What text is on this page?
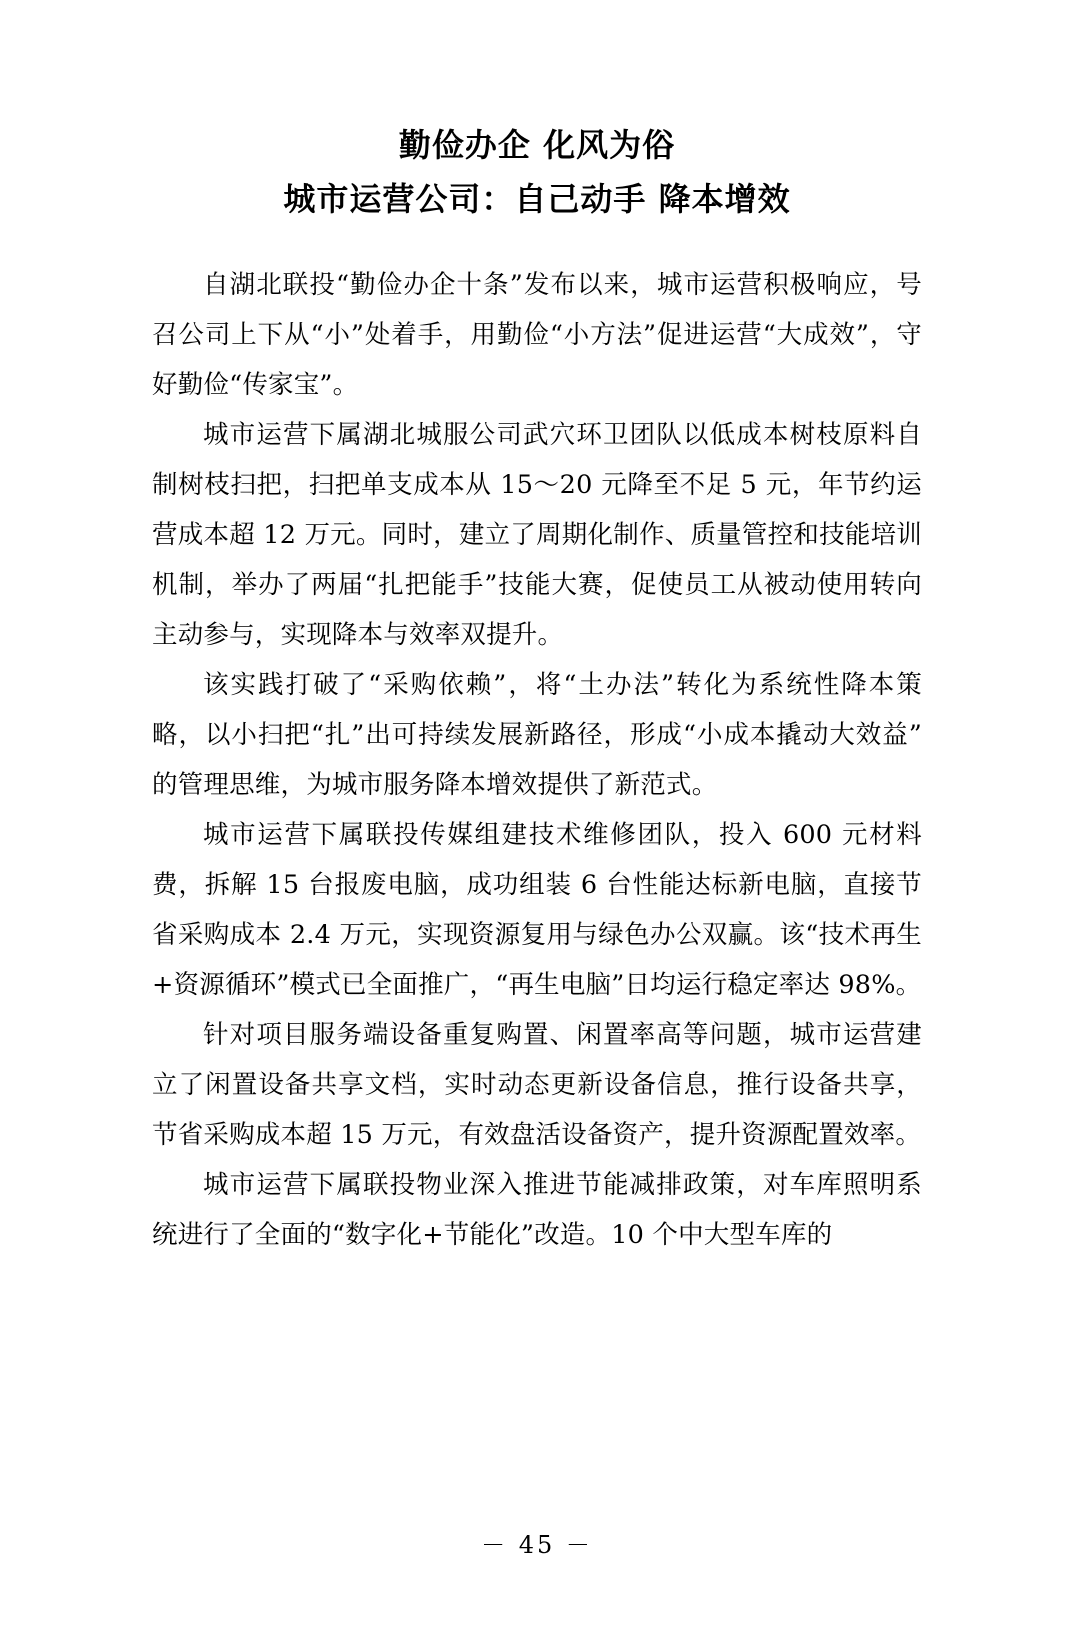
勤俭办企 化风为俗
城市运营公司：自己动手 降本增效

自湖北联投“勤俭办企十条”发布以来，城市运营积极响应，号召公司上下从“小”处着手，用勤俭“小方法”促进运营“大成效”，守好勤俭“传家宝”。

城市运营下属湖北城服公司武穴环卫团队以低成本树枝原料自制树枝扫把，扫把单支成本从 15～20 元降至不足 5 元，年节约运营成本超 12 万元。同时，建立了周期化制作、质量管控和技能培训机制，举办了两届“扎把能手”技能大赛，促使员工从被动使用转向主动参与，实现降本与效率双提升。

该实践打破了“采购依赖”，将“土办法”转化为系统性降本策略，以小扫把“扎”出可持续发展新路径，形成“小成本撬动大效益”的管理思维，为城市服务降本增效提供了新范式。

城市运营下属联投传媒组建技术维修团队，投入 600 元材料费，拆解 15 台报废电脑，成功组装 6 台性能达标新电脑，直接节省采购成本 2.4 万元，实现资源复用与绿色办公双赢。该“技术再生+资源循环”模式已全面推广，“再生电脑”日均运行稳定率达 98%。

针对项目服务端设备重复购置、闲置率高等问题，城市运营建立了闲置设备共享文档，实时动态更新设备信息，推行设备共享，节省采购成本超 15 万元，有效盘活设备资产，提升资源配置效率。

城市运营下属联投物业深入推进节能减排政策，对车库照明系统进行了全面的“数字化+节能化”改造。10 个中大型车库的

－ 45 －
